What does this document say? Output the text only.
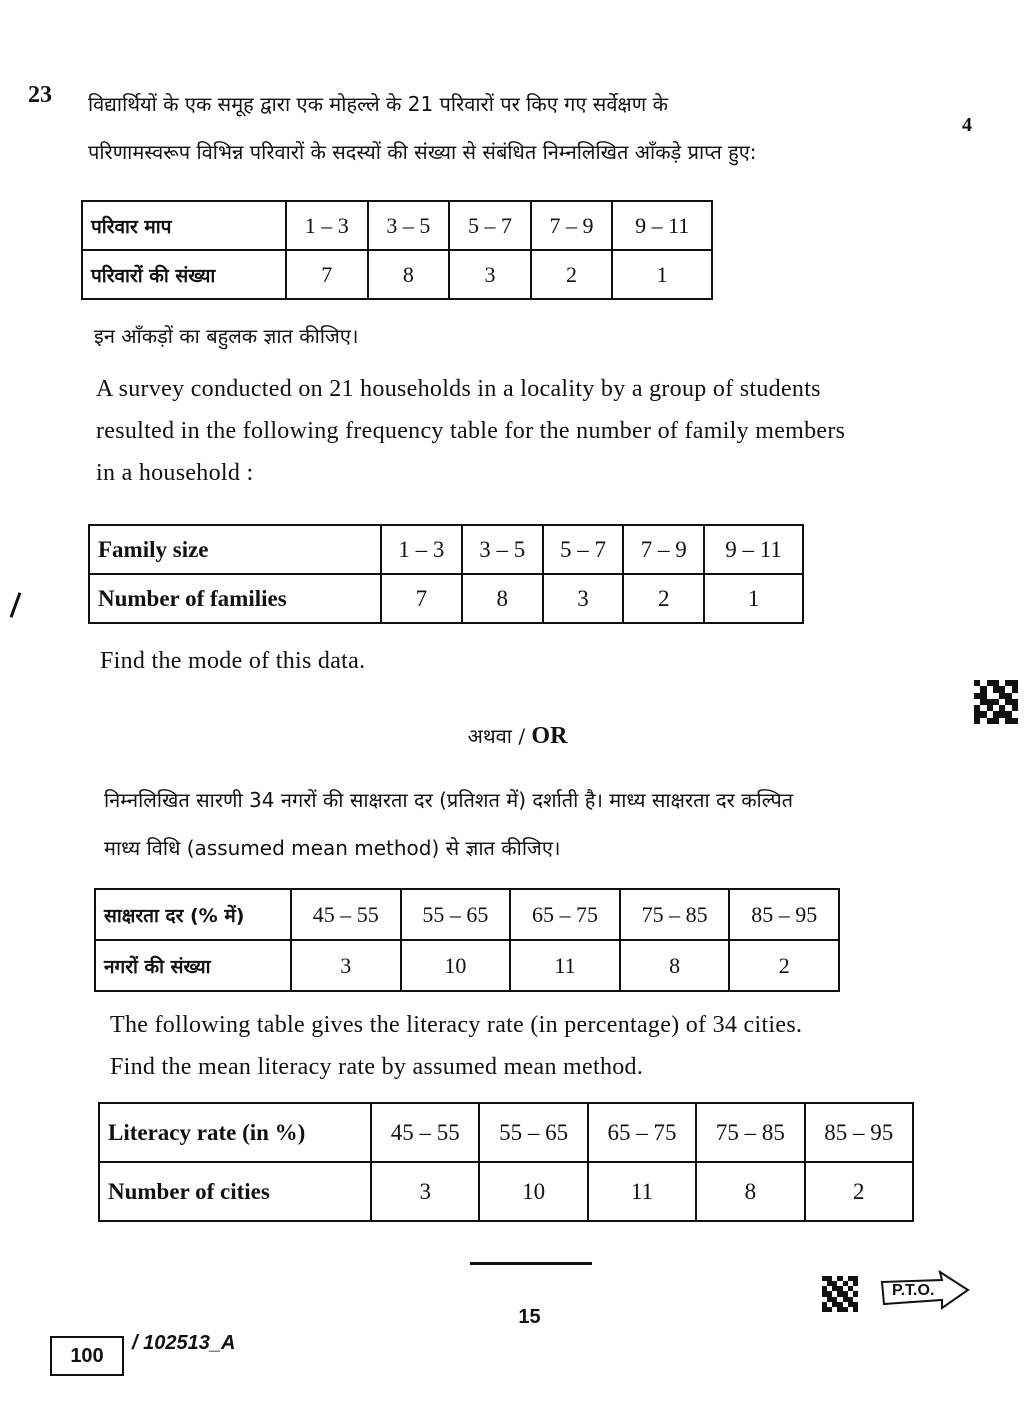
23
4
विद्यार्थियों के एक समूह द्वारा एक मोहल्ले के 21 परिवारों पर किए गए सर्वेक्षण के
परिणामस्वरूप विभिन्न परिवारों के सदस्यों की संख्या से संबंधित निम्नलिखित आँकड़े प्राप्त हुए:
परिवार माप	1 – 3	3 – 5	5 – 7	7 – 9	9 – 11
परिवारों की संख्या	7	8	3	2	1
इन आँकड़ों का बहुलक ज्ञात कीजिए।
A survey conducted on 21 households in a locality by a group of students
resulted in the following frequency table for the number of family members
in a household :
Family size	1 – 3	3 – 5	5 – 7	7 – 9	9 – 11
Number of families	7	8	3	2	1
Find the mode of this data.
अथवा / OR
निम्नलिखित सारणी 34 नगरों की साक्षरता दर (प्रतिशत में) दर्शाती है। माध्य साक्षरता दर कल्पित
माध्य विधि (assumed mean method) से ज्ञात कीजिए।
साक्षरता दर (% में)	45 – 55	55 – 65	65 – 75	75 – 85	85 – 95
नगरों की संख्या	3	10	11	8	2
The following table gives the literacy rate (in percentage) of 34 cities.
Find the mean literacy rate by assumed mean method.
Literacy rate (in %)	45 – 55	55 – 65	65 – 75	75 – 85	85 – 95
Number of cities	3	10	11	8	2
15
100
/ 102513_A
P.T.O.
